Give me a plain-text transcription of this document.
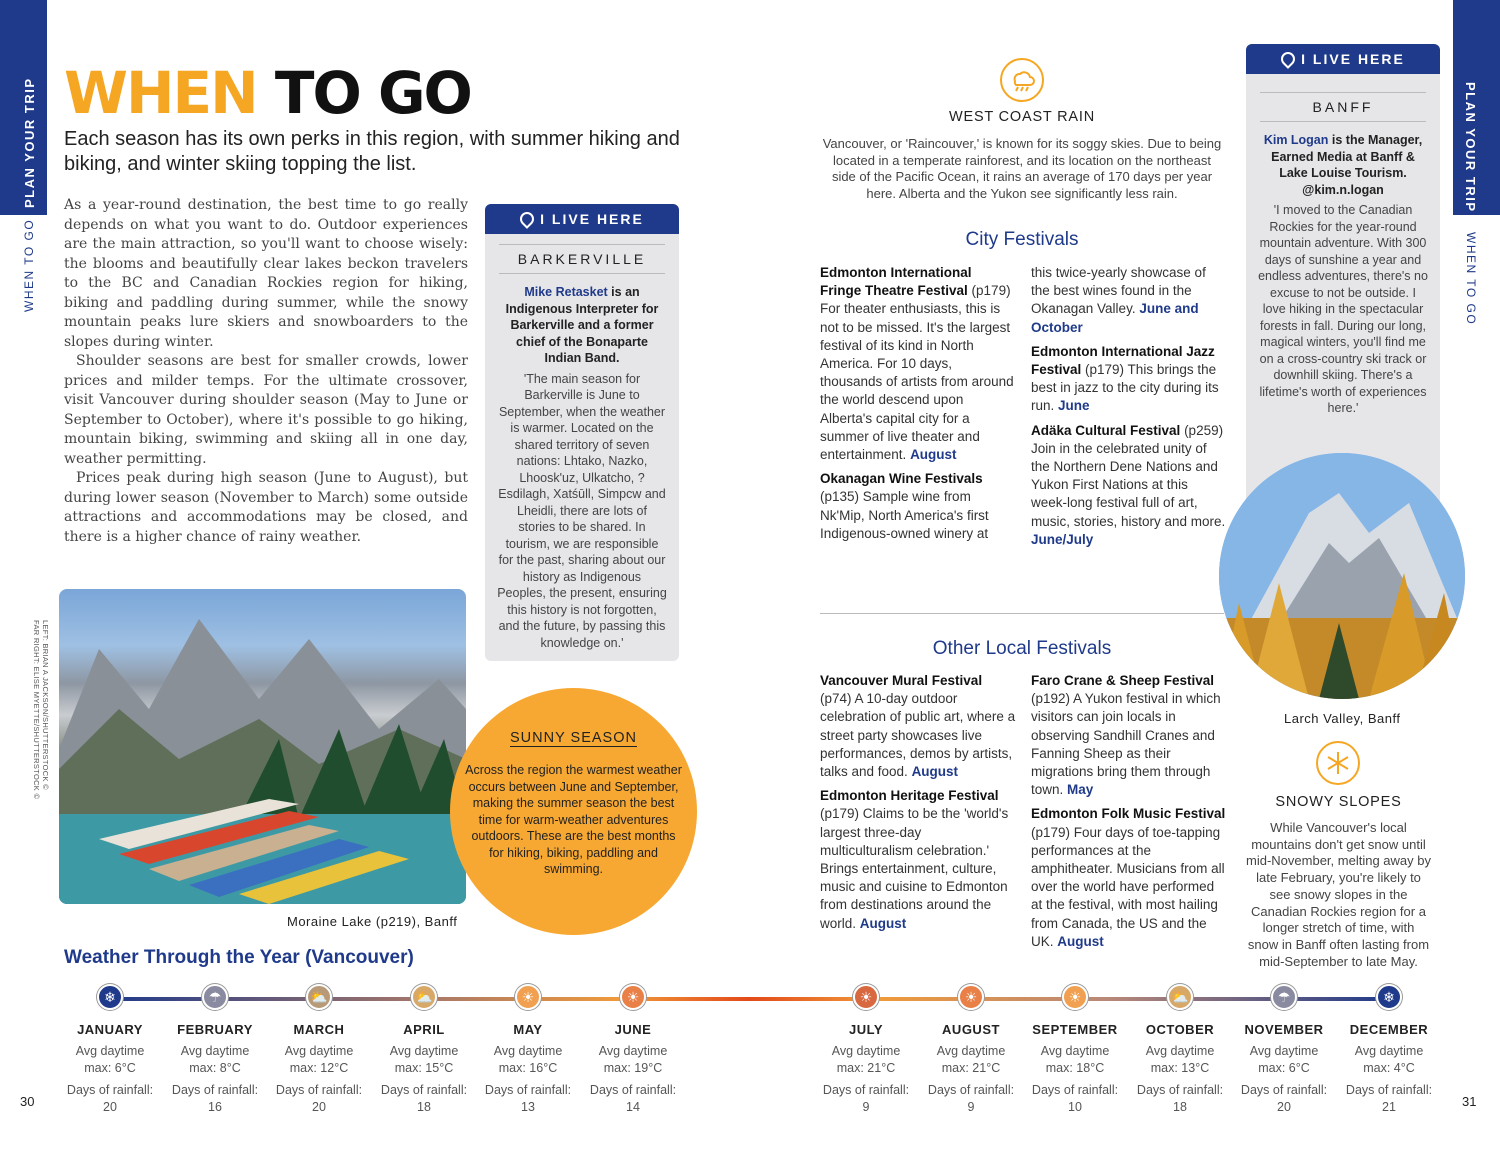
PLAN YOUR TRIP
WHEN TO GO
PLAN YOUR TRIP
WHEN TO GO
WHEN TO GO
Each season has its own perks in this region, with summer hiking and biking, and winter skiing topping the list.

As a year-round destination, the best time to go really depends on what you want to do. Outdoor experiences are the main attraction, so you'll want to choose wisely: the blooms and beautifully clear lakes beckon travelers to the BC and Canadian Rockies region for hiking, biking and paddling during summer, while the snowy mountain peaks lure skiers and snowboarders to the slopes during winter.

Shoulder seasons are best for smaller crowds, lower prices and milder temps. For the ultimate crossover, visit Vancouver during shoulder season (May to June or September to October), where it's possible to go hiking, mountain biking, swimming and skiing all in one day, weather permitting.

Prices peak during high season (June to August), but during lower season (November to March) some outside attractions and accommodations may be closed, and there is a higher chance of rainy weather.

I LIVE HERE
BARKERVILLE
Mike Retasket is an Indigenous Interpreter for Barkerville and a former chief of the Bonaparte Indian Band.
'The main season for Barkerville is June to September, when the weather is warmer. Located on the shared territory of seven nations: Lhtako, Nazko, Lhoosk'uz, Ulkatcho, ?Esdilagh, Xatśūll, Simpcw and Lheidli, there are lots of stories to be shared. In tourism, we are responsible for the past, sharing about our history as Indigenous Peoples, the present, ensuring this history is not forgotten, and the future, by passing this knowledge on.'
LEFT: BRIAN A JACKSON/SHUTTERSTOCK © FAR RIGHT: ELISE MYETTE/SHUTTERSTOCK ©
Moraine Lake (p219), Banff
SUNNY SEASON
Across the region the warmest weather occurs between June and September, making the summer season the best time for warm-weather adventures outdoors. These are the best months for hiking, biking, paddling and swimming.
WEST COAST RAIN
Vancouver, or 'Raincouver,' is known for its soggy skies. Due to being located in a temperate rainforest, and its location on the northeast side of the Pacific Ocean, it rains an average of 170 days per year here. Alberta and the Yukon see significantly less rain.
City Festivals
Edmonton International Fringe Theatre Festival (p179) For theater enthusiasts, this is not to be missed. It's the largest festival of its kind in North America. For 10 days, thousands of artists from around the world descend upon Alberta's capital city for a summer of live theater and entertainment. August
Okanagan Wine Festivals (p135) Sample wine from Nk'Mip, North America's first Indigenous-owned winery at
this twice-yearly showcase of the best wines found in the Okanagan Valley. June and October
Edmonton International Jazz Festival (p179) This brings the best in jazz to the city during its run. June
Adäka Cultural Festival (p259) Join in the celebrated unity of the Northern Dene Nations and Yukon First Nations at this week-long festival full of art, music, stories, history and more. June/July
Other Local Festivals
Vancouver Mural Festival (p74) A 10-day outdoor celebration of public art, where a street party showcases live performances, demos by artists, talks and food. August
Edmonton Heritage Festival (p179) Claims to be the 'world's largest three-day multiculturalism celebration.' Brings entertainment, culture, music and cuisine to Edmonton from destinations around the world. August
Faro Crane & Sheep Festival (p192) A Yukon festival in which visitors can join locals in observing Sandhill Cranes and Fanning Sheep as their migrations bring them through town. May
Edmonton Folk Music Festival (p179) Four days of toe-tapping performances at the amphitheater. Musicians from all over the world have performed at the festival, with most hailing from Canada, the US and the UK. August
I LIVE HERE
BANFF
Kim Logan is the Manager, Earned Media at Banff & Lake Louise Tourism. @kim.n.logan
'I moved to the Canadian Rockies for the year-round mountain adventure. With 300 days of sunshine a year and endless adventures, there's no excuse to not be outside. I love hiking in the spectacular forests in fall. During our long, magical winters, you'll find me on a cross-country ski track or downhill skiing. There's a lifetime's worth of experiences here.'
Larch Valley, Banff
SNOWY SLOPES
While Vancouver's local mountains don't get snow until mid-November, melting away by late February, you're likely to see snowy slopes in the Canadian Rockies region for a longer stretch of time, with snow in Banff often lasting from mid-September to late May.
Weather Through the Year (Vancouver)
❄
JANUARY
Avg daytime
max: 6°C
Days of rainfall:
20
☂
FEBRUARY
Avg daytime
max: 8°C
Days of rainfall:
16
⛅
MARCH
Avg daytime
max: 12°C
Days of rainfall:
20
⛅
APRIL
Avg daytime
max: 15°C
Days of rainfall:
18
☀
MAY
Avg daytime
max: 16°C
Days of rainfall:
13
☀
JUNE
Avg daytime
max: 19°C
Days of rainfall:
14
☀
JULY
Avg daytime
max: 21°C
Days of rainfall:
9
☀
AUGUST
Avg daytime
max: 21°C
Days of rainfall:
9
☀
SEPTEMBER
Avg daytime
max: 18°C
Days of rainfall:
10
⛅
OCTOBER
Avg daytime
max: 13°C
Days of rainfall:
18
☂
NOVEMBER
Avg daytime
max: 6°C
Days of rainfall:
20
❄
DECEMBER
Avg daytime
max: 4°C
Days of rainfall:
21
30	31
